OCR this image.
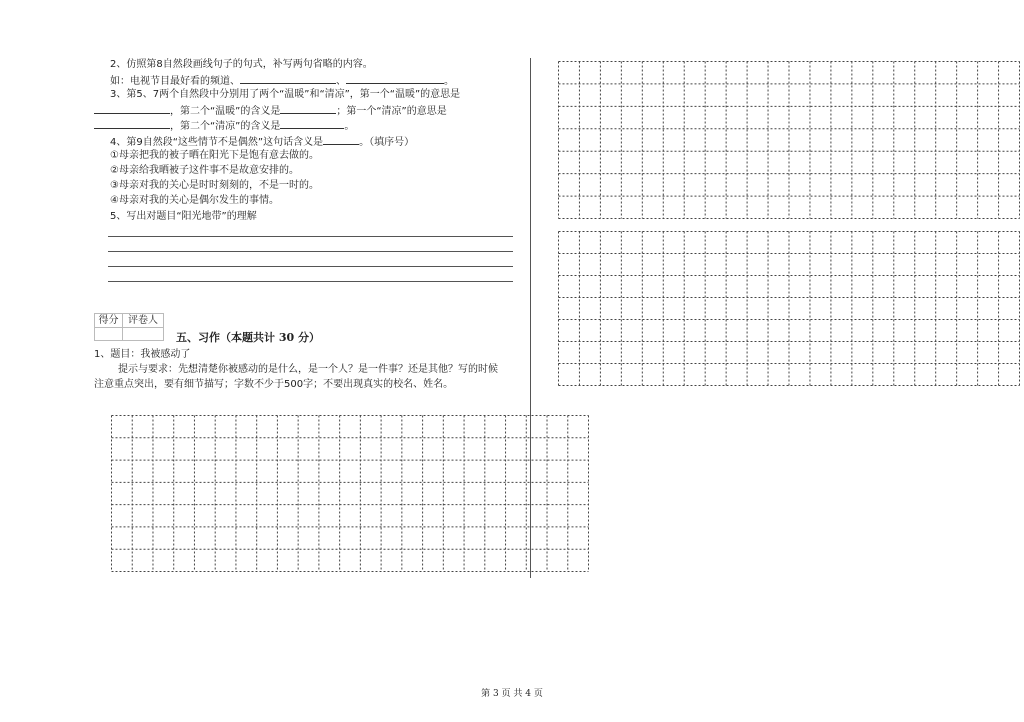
2、仿照第8自然段画线句子的句式，补写两句省略的内容。
如：电视节目最好看的频道、	、	。
3、第5、7两个自然段中分别用了两个“温暖”和“清凉”，第一个“温暖”的意思是
，第二个“温暖”的含义是	；第一个“清凉”的意思是
，第二个“清凉”的含义是	。
4、第9自然段“这些情节不是偶然”这句话含义是	。（填序号）
①母亲把我的被子晒在阳光下是饱有意去做的。
②母亲给我晒被子这件事不是故意安排的。
③母亲对我的关心是时时刻刻的，不是一时的。
④母亲对我的关心是偶尔发生的事情。
5、写出对题目“阳光地带”的理解
得分 评卷人
五、习作（本题共计 30 分）
1、题目：我被感动了
提示与要求：先想清楚你被感动的是什么，是一个人？是一件事？还是其他？写的时候
注意重点突出，要有细节描写；字数不少于500字；不要出现真实的校名、姓名。
第 3 页 共 4 页
